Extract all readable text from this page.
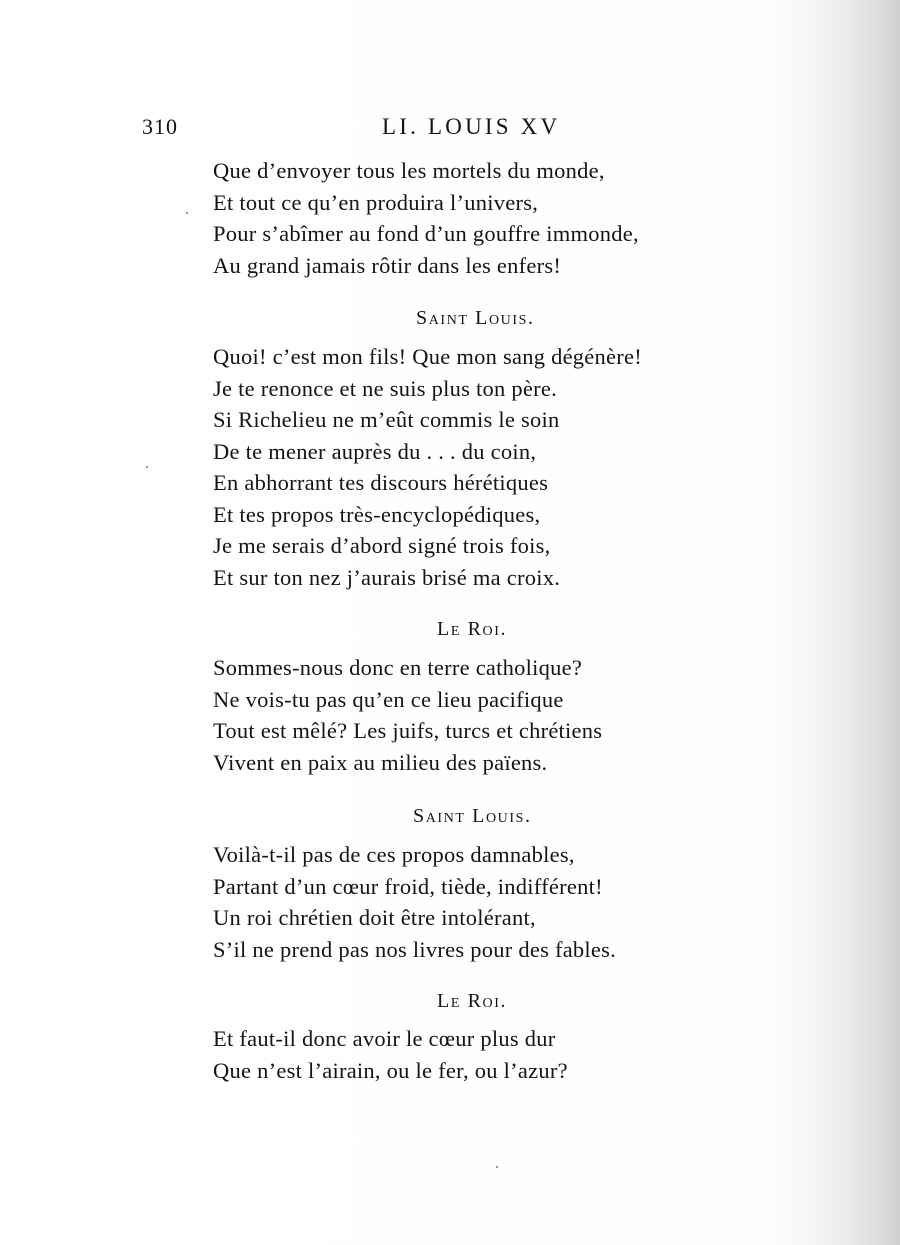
310	LI. LOUIS XV
Que d’envoyer tous les mortels du monde,
Et tout ce qu’en produira l’univers,
Pour s’abîmer au fond d’un gouffre immonde,
Au grand jamais rôtir dans les enfers!
Saint Louis.
Quoi! c’est mon fils! Que mon sang dégénère!
Je te renonce et ne suis plus ton père.
Si Richelieu ne m’eût commis le soin
De te mener auprès du . . . du coin,
En abhorrant tes discours hérétiques
Et tes propos très-encyclopédiques,
Je me serais d’abord signé trois fois,
Et sur ton nez j’aurais brisé ma croix.
Le Roi.
Sommes-nous donc en terre catholique?
Ne vois-tu pas qu’en ce lieu pacifique
Tout est mêlé? Les juifs, turcs et chrétiens
Vivent en paix au milieu des païens.
Saint Louis.
Voilà-t-il pas de ces propos damnables,
Partant d’un cœur froid, tiède, indifférent!
Un roi chrétien doit être intolérant,
S’il ne prend pas nos livres pour des fables.
Le Roi.
Et faut-il donc avoir le cœur plus dur
Que n’est l’airain, ou le fer, ou l’azur?
